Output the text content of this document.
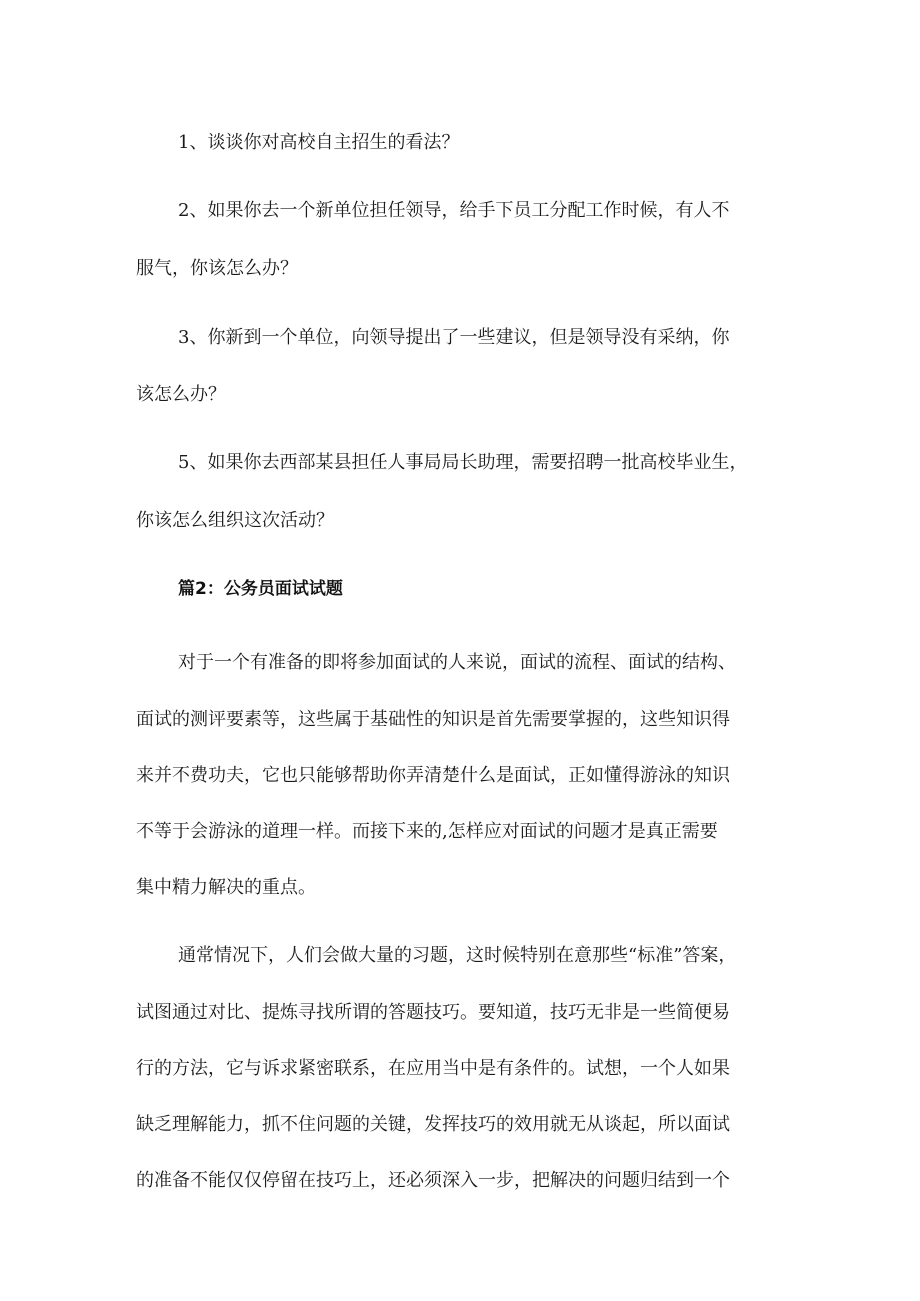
1、谈谈你对高校自主招生的看法？
2、如果你去一个新单位担任领导，给手下员工分配工作时候，有人不
服气，你该怎么办？
3、你新到一个单位，向领导提出了一些建议，但是领导没有采纳，你
该怎么办？
5、如果你去西部某县担任人事局局长助理，需要招聘一批高校毕业生，
你该怎么组织这次活动？
篇2：公务员面试试题
对于一个有准备的即将参加面试的人来说，面试的流程、面试的结构、
面试的测评要素等，这些属于基础性的知识是首先需要掌握的，这些知识得
来并不费功夫，它也只能够帮助你弄清楚什么是面试，正如懂得游泳的知识
不等于会游泳的道理一样。而接下来的,怎样应对面试的问题才是真正需要
集中精力解决的重点。
通常情况下，人们会做大量的习题，这时候特别在意那些“标准”答案，
试图通过对比、提炼寻找所谓的答题技巧。要知道，技巧无非是一些简便易
行的方法，它与诉求紧密联系，在应用当中是有条件的。试想，一个人如果
缺乏理解能力，抓不住问题的关键，发挥技巧的效用就无从谈起，所以面试
的准备不能仅仅停留在技巧上，还必须深入一步，把解决的问题归结到一个
